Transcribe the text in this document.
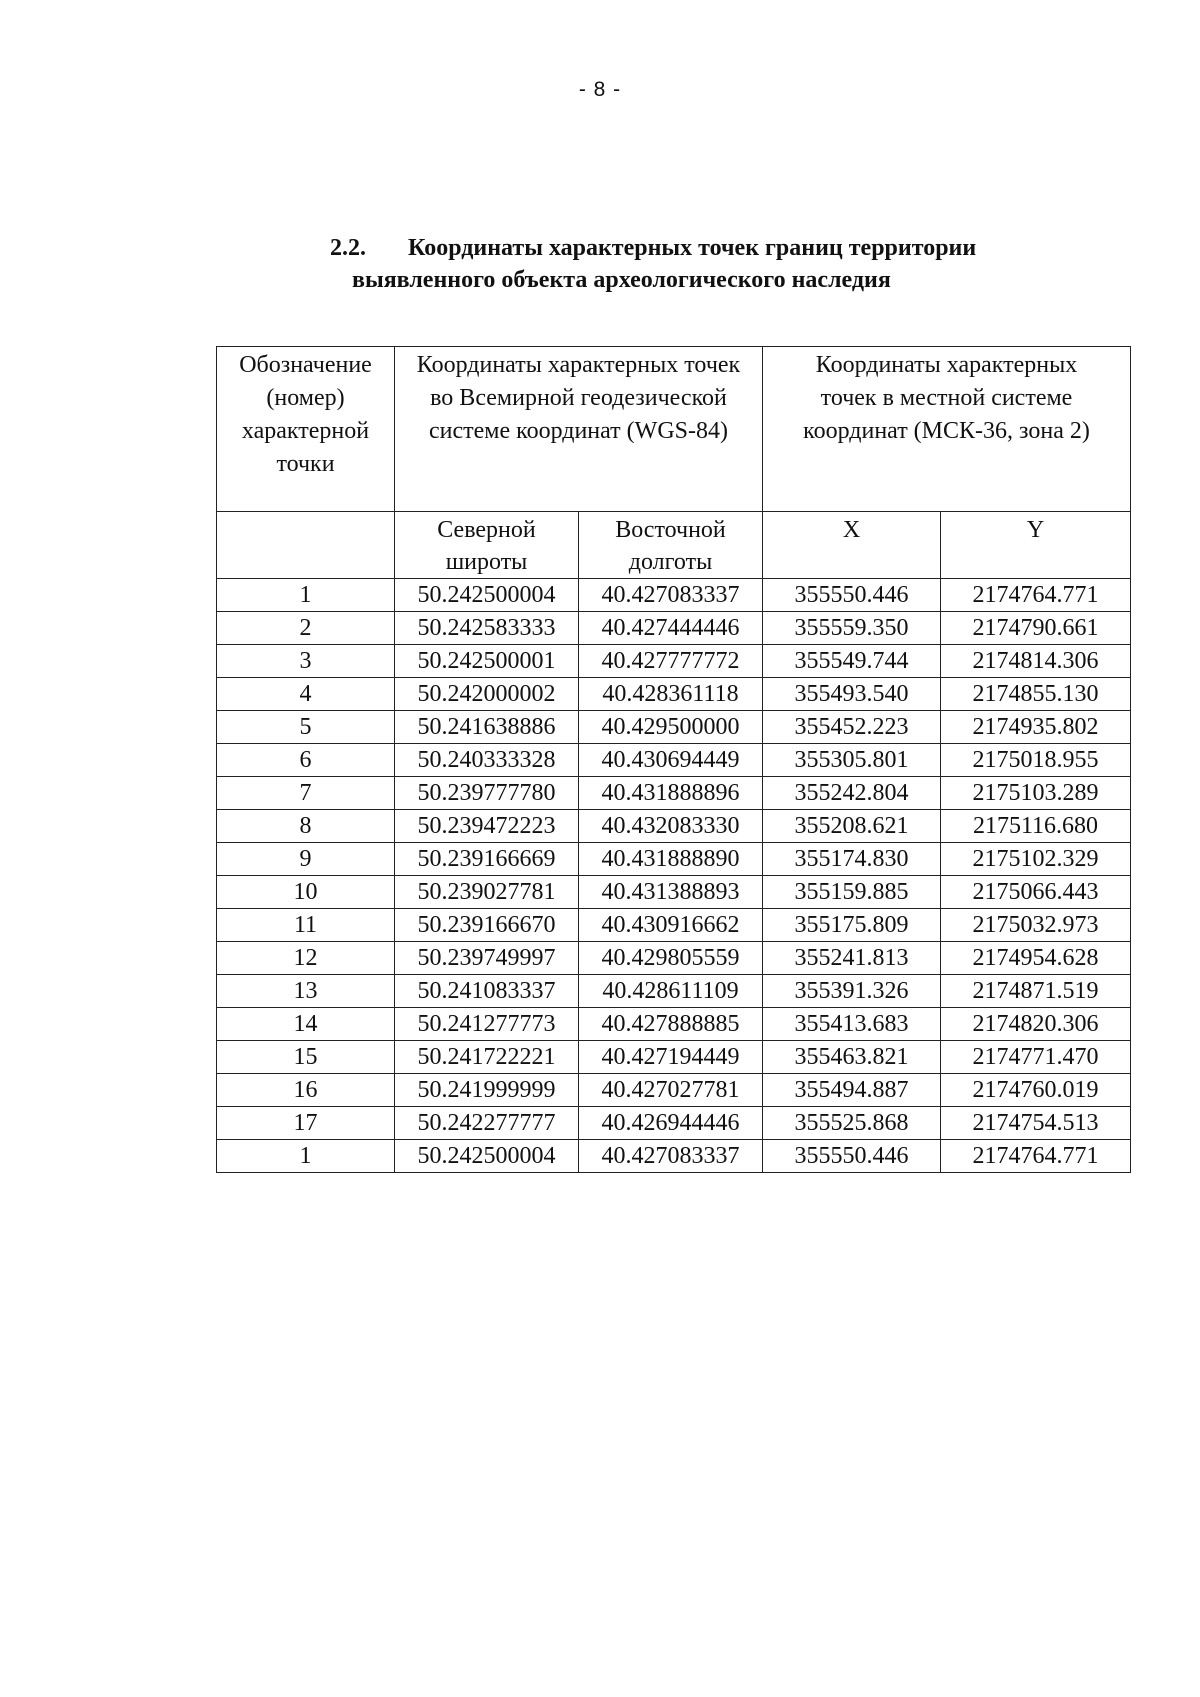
- 8 -
2.2. Координаты характерных точек границ территории
выявленного объекта археологического наследия
Обозначение (номер) характерной точки	Координаты характерных точек во Всемирной геодезической системе координат (WGS-84)		Координаты характерных точек в местной системе координат (МСК-36, зона 2)	
	Северной широты	Восточной долготы	X	Y
1	50.242500004	40.427083337	355550.446	2174764.771
2	50.242583333	40.427444446	355559.350	2174790.661
3	50.242500001	40.427777772	355549.744	2174814.306
4	50.242000002	40.428361118	355493.540	2174855.130
5	50.241638886	40.429500000	355452.223	2174935.802
6	50.240333328	40.430694449	355305.801	2175018.955
7	50.239777780	40.431888896	355242.804	2175103.289
8	50.239472223	40.432083330	355208.621	2175116.680
9	50.239166669	40.431888890	355174.830	2175102.329
10	50.239027781	40.431388893	355159.885	2175066.443
11	50.239166670	40.430916662	355175.809	2175032.973
12	50.239749997	40.429805559	355241.813	2174954.628
13	50.241083337	40.428611109	355391.326	2174871.519
14	50.241277773	40.427888885	355413.683	2174820.306
15	50.241722221	40.427194449	355463.821	2174771.470
16	50.241999999	40.427027781	355494.887	2174760.019
17	50.242277777	40.426944446	355525.868	2174754.513
1	50.242500004	40.427083337	355550.446	2174764.771
